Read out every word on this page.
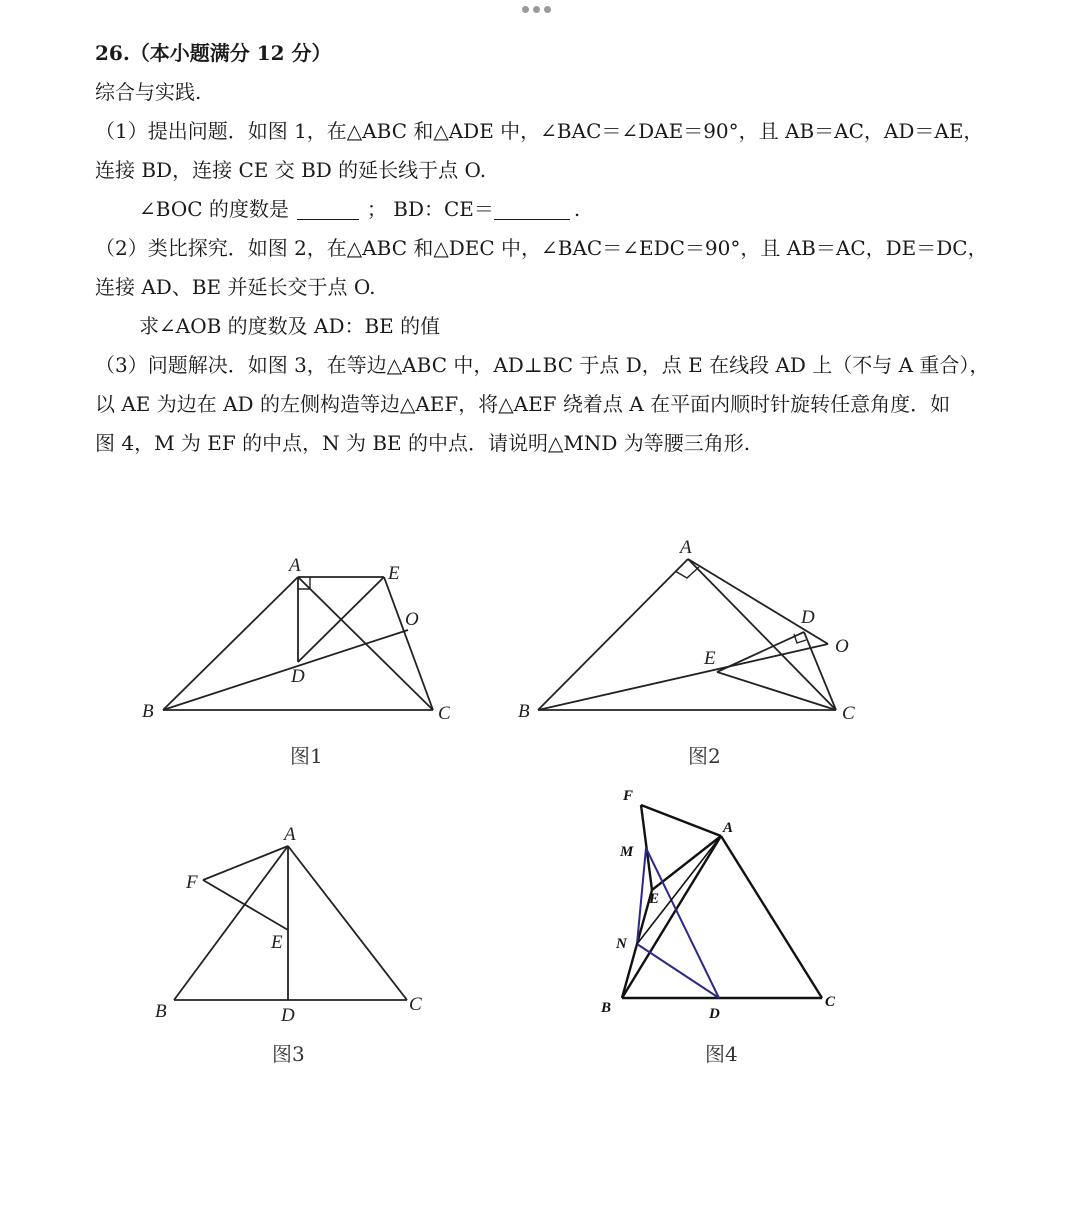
26.（本小题满分 12 分）
综合与实践.
（1）提出问题．如图 1，在△ABC 和△ADE 中，∠BAC＝∠DAE＝90°，且 AB＝AC，AD＝AE，
连接 BD，连接 CE 交 BD 的延长线于点 O.
∠BOC 的度数是	； BD：CE＝	.
（2）类比探究．如图 2，在△ABC 和△DEC 中，∠BAC＝∠EDC＝90°，且 AB＝AC，DE＝DC，
连接 AD、BE 并延长交于点 O.
求∠AOB 的度数及 AD：BE 的值
（3）问题解决．如图 3，在等边△ABC 中，AD⊥BC 于点 D，点 E 在线段 AD 上（不与 A 重合），
以 AE 为边在 AD 的左侧构造等边△AEF，将△AEF 绕着点 A 在平面内顺时针旋转任意角度．如
图 4，M 为 EF 的中点，N 为 BE 的中点．请说明△MND 为等腰三角形.
A	E
O
D
B	C
图1
A
D
O
E
B	C
图2
A
F
E
B	D
C
图3
F
A
M
E
N
B	D
C
图4
